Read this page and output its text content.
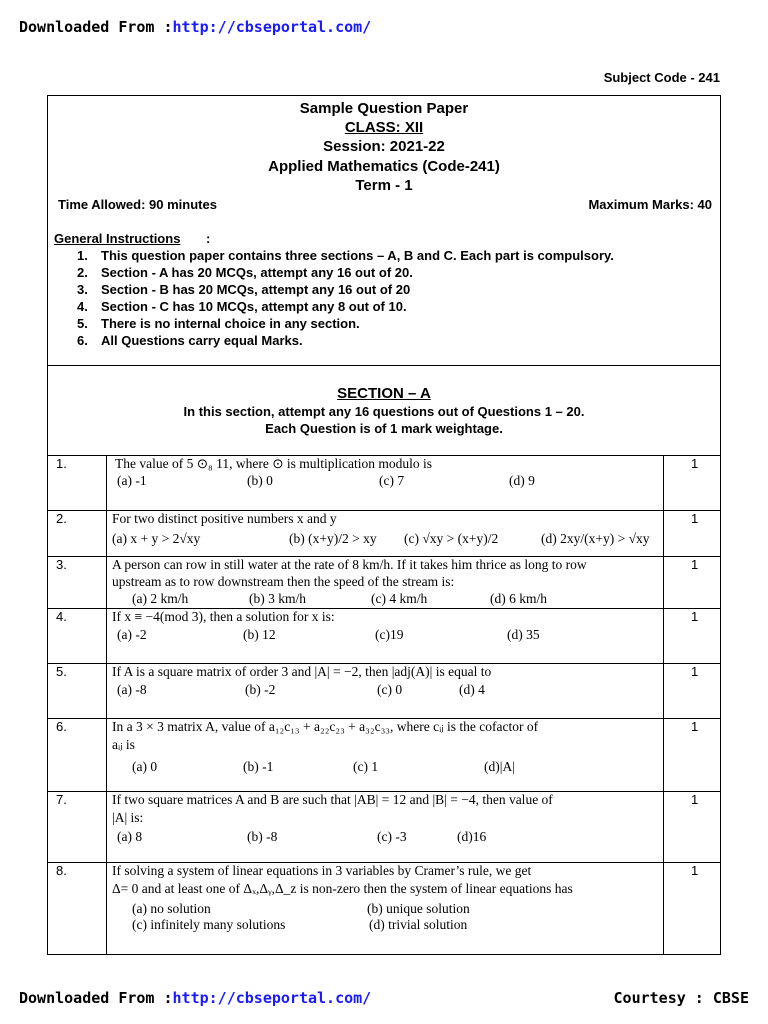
Downloaded From :http://cbseportal.com/
Subject Code - 241
Sample Question Paper
CLASS: XII
Session: 2021-22
Applied Mathematics (Code-241)
Term - 1
Time Allowed: 90 minutes	Maximum Marks: 40
General Instructions :
1. This question paper contains three sections – A, B and C. Each part is compulsory.
2. Section - A has 20 MCQs, attempt any 16 out of 20.
3. Section - B has 20 MCQs, attempt any 16 out of 20
4. Section - C has 10 MCQs, attempt any 8 out of 10.
5. There is no internal choice in any section.
6. All Questions carry equal Marks.
SECTION – A
In this section, attempt any 16 questions out of Questions 1 – 20.
Each Question is of 1 mark weightage.
1.	The value of 5 ⊙₈ 11, where ⊙ is multiplication modulo is
(a) -1	(b) 0	(c) 7	(d) 9
1
2.	For two distinct positive numbers x and y
(a) x + y > 2√xy	(b) (x+y)/2 > xy (c) √xy > (x+y)/2	(d) 2xy/(x+y) > √xy
1
3.	A person can row in still water at the rate of 8 km/h. If it takes him thrice as long to row
upstream as to row downstream then the speed of the stream is:
(a) 2 km/h	(b) 3 km/h	(c) 4 km/h	(d) 6 km/h
1
4.	If x ≡ −4(mod 3), then a solution for x is:
(a) -2	(b) 12	(c)19	(d) 35
1
5.	If A is a square matrix of order 3 and |A| = −2, then |adj(A)| is equal to
(a) -8	(b) -2	(c) 0	(d) 4
1
6.	In a 3 × 3 matrix A, value of a₁₂c₁₃ + a₂₂c₂₃ + a₃₂c₃₃, where cᵢⱼ is the cofactor of
aᵢⱼ is
(a) 0	(b) -1	(c) 1	(d)|A|
1
7.	If two square matrices A and B are such that |AB| = 12 and |B| = −4, then value of
|A| is:
(a) 8	(b) -8	(c) -3	(d)16
1
8.	If solving a system of linear equations in 3 variables by Cramer’s rule, we get
Δ= 0 and at least one of Δₓ,Δᵧ,Δ_z is non-zero then the system of linear equations has
(a) no solution	(b) unique solution
(c) infinitely many solutions	(d) trivial solution
1
Downloaded From :http://cbseportal.com/	Courtesy : CBSE
